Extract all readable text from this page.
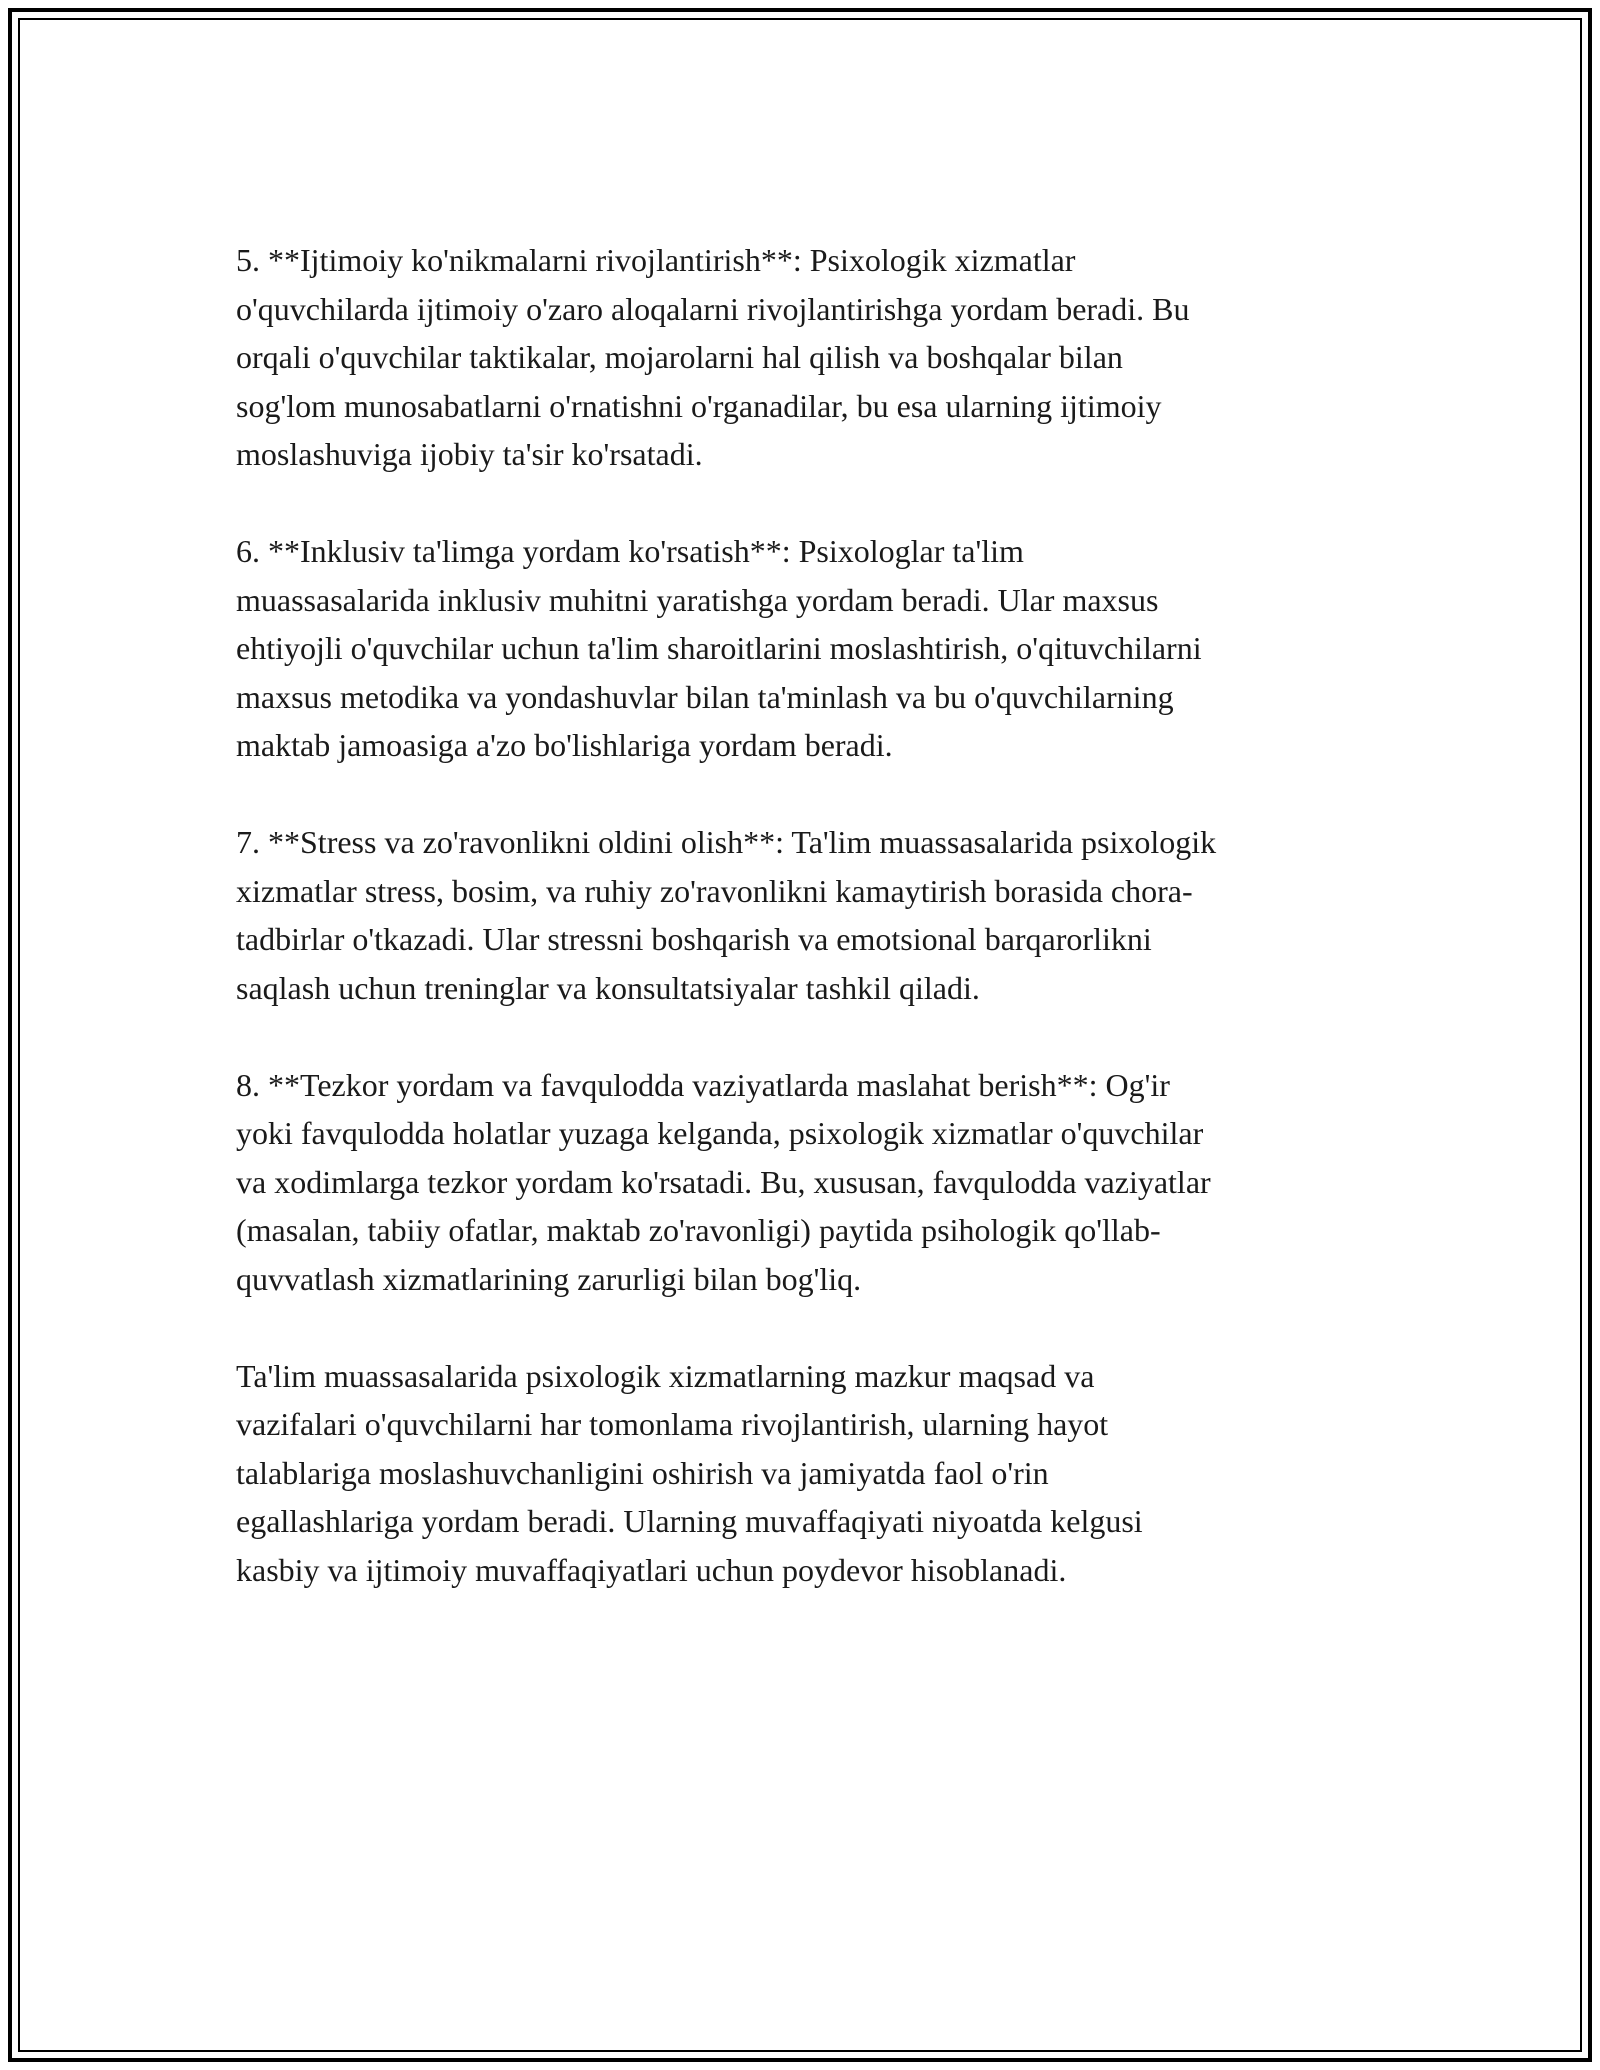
5. **Ijtimoiy ko'nikmalarni rivojlantirish**: Psixologik xizmatlar
o'quvchilarda ijtimoiy o'zaro aloqalarni rivojlantirishga yordam beradi. Bu
orqali o'quvchilar taktikalar, mojarolarni hal qilish va boshqalar bilan
sog'lom munosabatlarni o'rnatishni o'rganadilar, bu esa ularning ijtimoiy
moslashuviga ijobiy ta'sir ko'rsatadi.

6. **Inklusiv ta'limga yordam ko'rsatish**: Psixologlar ta'lim
muassasalarida inklusiv muhitni yaratishga yordam beradi. Ular maxsus
ehtiyojli o'quvchilar uchun ta'lim sharoitlarini moslashtirish, o'qituvchilarni
maxsus metodika va yondashuvlar bilan ta'minlash va bu o'quvchilarning
maktab jamoasiga a'zo bo'lishlariga yordam beradi.

7. **Stress va zo'ravonlikni oldini olish**: Ta'lim muassasalarida psixologik
xizmatlar stress, bosim, va ruhiy zo'ravonlikni kamaytirish borasida chora-
tadbirlar o'tkazadi. Ular stressni boshqarish va emotsional barqarorlikni
saqlash uchun treninglar va konsultatsiyalar tashkil qiladi.

8. **Tezkor yordam va favqulodda vaziyatlarda maslahat berish**: Og'ir
yoki favqulodda holatlar yuzaga kelganda, psixologik xizmatlar o'quvchilar
va xodimlarga tezkor yordam ko'rsatadi. Bu, xususan, favqulodda vaziyatlar
(masalan, tabiiy ofatlar, maktab zo'ravonligi) paytida psihologik qo'llab-
quvvatlash xizmatlarining zarurligi bilan bog'liq.

Ta'lim muassasalarida psixologik xizmatlarning mazkur maqsad va
vazifalari o'quvchilarni har tomonlama rivojlantirish, ularning hayot
talablariga moslashuvchanligini oshirish va jamiyatda faol o'rin
egallashlariga yordam beradi. Ularning muvaffaqiyati niyoatda kelgusi
kasbiy va ijtimoiy muvaffaqiyatlari uchun poydevor hisoblanadi.
